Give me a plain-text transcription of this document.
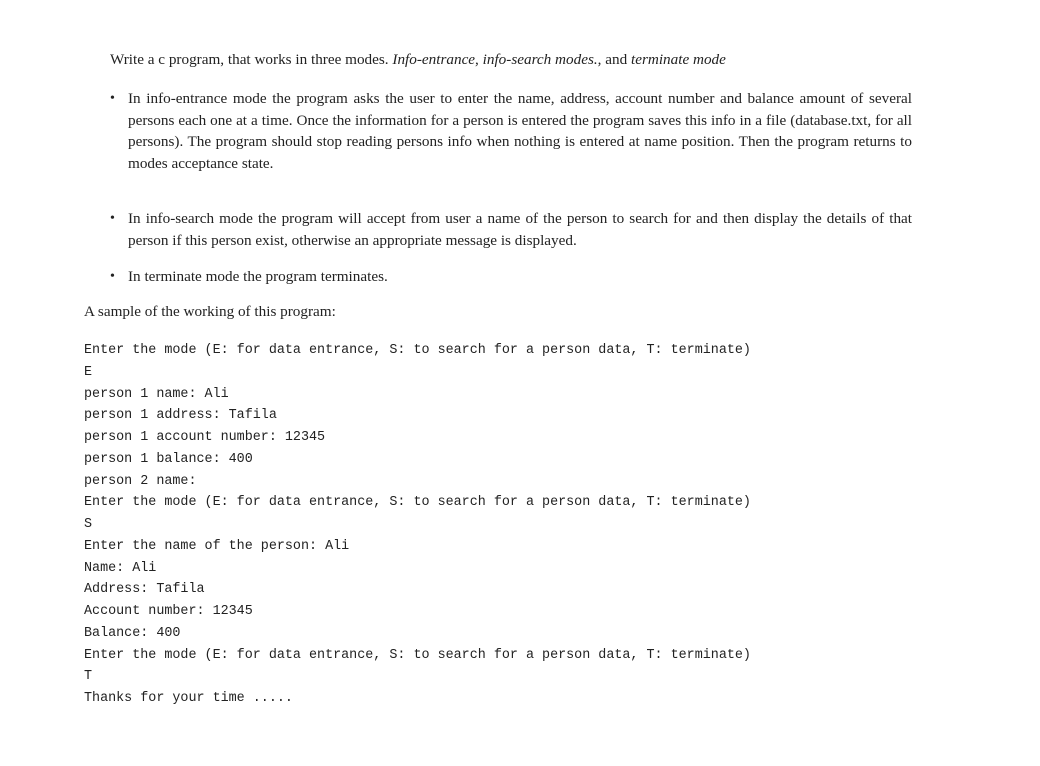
Write a c program, that works in three modes. Info-entrance, info-search modes., and terminate mode
• In info-entrance mode the program asks the user to enter the name, address, account number and balance amount of several persons each one at a time. Once the information for a person is entered the program saves this info in a file (database.txt, for all persons). The program should stop reading persons info when nothing is entered at name position. Then the program returns to modes acceptance state.
• In info-search mode the program will accept from user a name of the person to search for and then display the details of that person if this person exist, otherwise an appropriate message is displayed.
• In terminate mode the program terminates.
A sample of the working of this program:
Enter the mode (E: for data entrance, S: to search for a person data, T: terminate)
E
person 1 name: Ali
person 1 address: Tafila
person 1 account number: 12345
person 1 balance: 400
person 2 name:
Enter the mode (E: for data entrance, S: to search for a person data, T: terminate)
S
Enter the name of the person: Ali
Name: Ali
Address: Tafila
Account number: 12345
Balance: 400
Enter the mode (E: for data entrance, S: to search for a person data, T: terminate)
T
Thanks for your time .....
